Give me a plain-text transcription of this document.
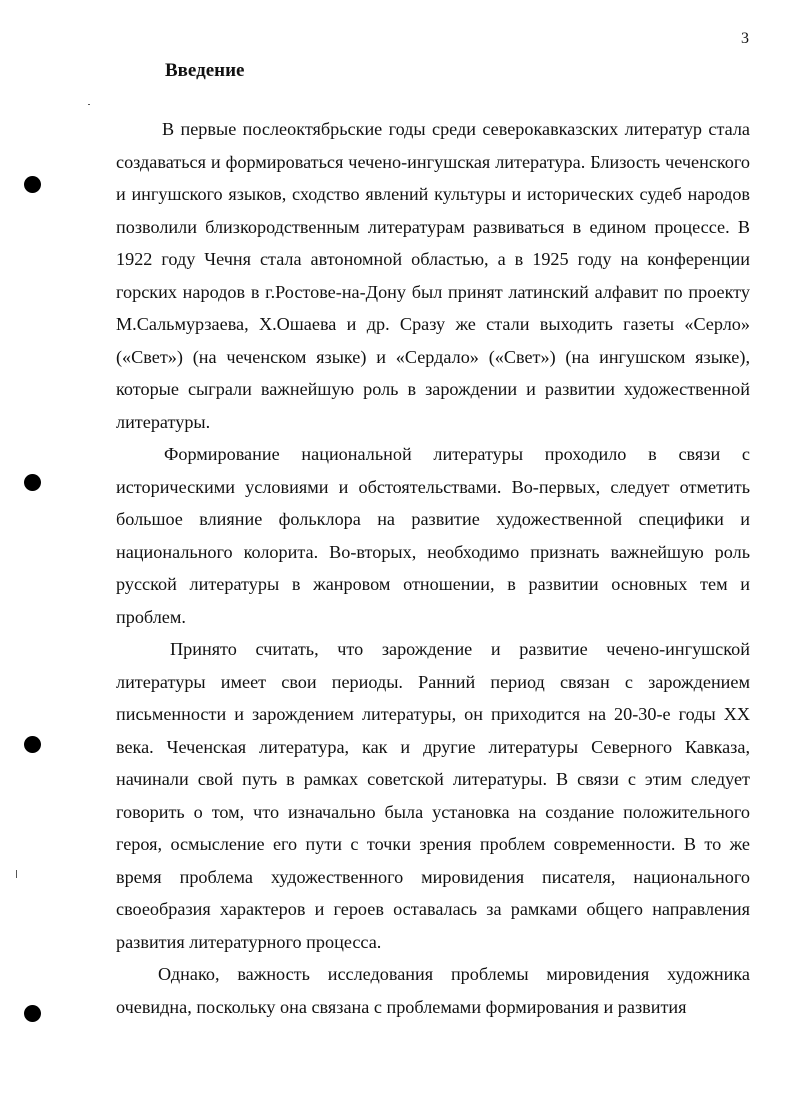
3
Введение

В первые послеоктябрьские годы среди северокавказских литератур стала создаваться и формироваться чечено-ингушская литература. Близость чеченского и ингушского языков, сходство явлений культуры и исторических судеб народов позволили близкородственным литературам развиваться в едином процессе. В 1922 году Чечня стала автономной областью, а в 1925 году на конференции горских народов в г.Ростове-на-Дону был принят латинский алфавит по проекту М.Сальмурзаева, Х.Ошаева и др. Сразу же стали выходить газеты «Серло» («Свет») (на чеченском языке) и «Сердало» («Свет») (на ингушском языке), которые сыграли важнейшую роль в зарождении и развитии художественной литературы.

Формирование национальной литературы проходило в связи с историческими условиями и обстоятельствами. Во-первых, следует отметить большое влияние фольклора на развитие художественной специфики и национального колорита. Во-вторых, необходимо признать важнейшую роль русской литературы в жанровом отношении, в развитии основных тем и проблем.

Принято считать, что зарождение и развитие чечено-ингушской литературы имеет свои периоды. Ранний период связан с зарождением письменности и зарождением литературы, он приходится на 20-30-е годы XX века. Чеченская литература, как и другие литературы Северного Кавказа, начинали свой путь в рамках советской литературы. В связи с этим следует говорить о том, что изначально была установка на создание положительного героя, осмысление его пути с точки зрения проблем современности. В то же время проблема художественного мировидения писателя, национального своеобразия характеров и героев оставалась за рамками общего направления развития литературного процесса.

Однако, важность исследования проблемы мировидения художника очевидна, поскольку она связана с проблемами формирования и развития
